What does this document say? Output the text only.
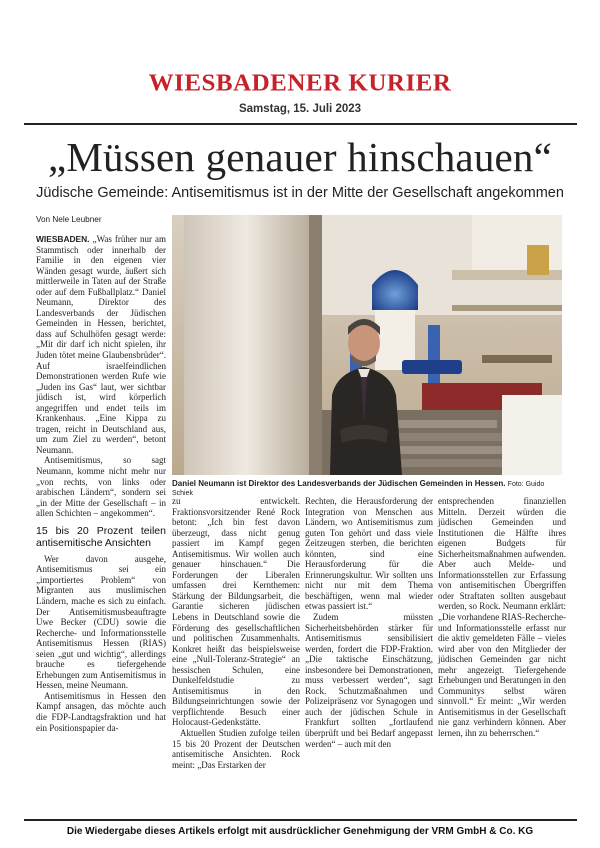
WIESBADENER KURIER
Samstag, 15. Juli 2023
„Müssen genauer hinschauen“
Jüdische Gemeinde: Antisemitismus ist in der Mitte der Gesellschaft angekommen
Von Nele Leubner

WIESBADEN. „Was früher nur am Stammtisch oder innerhalb der Familie in den eigenen vier Wänden gesagt wurde, äußert sich mittlerweile in Taten auf der Straße oder auf dem Fußballplatz.“ Daniel Neumann, Direktor des Landesverbands der Jüdischen Gemeinden in Hessen, berichtet, dass auf Schulhöfen gesagt werde: „Mit dir darf ich nicht spielen, ihr Juden tötet meine Glaubensbrüder“. Auf israelfeindlichen Demonstrationen werden Rufe wie „Juden ins Gas“ laut, wer sichtbar jüdisch ist, wird körperlich angegriffen und endet teils im Krankenhaus. „Eine Kippa zu tragen, reicht in Deutschland aus, um zum Ziel zu werden“, betont Neumann.

Antisemitismus, so sagt Neumann, komme nicht mehr nur „von rechts, von links oder arabischen Ländern“, sondern sei „in der Mitte der Gesellschaft – in allen Schichten – angekommen“.

15 bis 20 Prozent teilen antisemitische Ansichten

Wer davon ausgehe, Antisemitismus sei ein „importiertes Problem“ von Migranten aus muslimischen Ländern, mache es sich zu einfach. Der Antisemitismusbeauftragte Uwe Becker (CDU) sowie die Recherche- und Informationsstelle Antisemitismus Hessen (RIAS) seien „gut und wichtig“, allerdings brauche es tiefergehende Erhebungen zum Antisemitismus in Hessen, meine Neumann.

Antisemitismus in Hessen den Kampf ansagen, das möchte auch die FDP-Landtagsfraktion und hat ein Positionspapier da-

Daniel Neumann ist Direktor des Landesverbands der Jüdischen Gemeinden in Hessen. Foto: Guido Schiek

zu entwickelt. Fraktionsvorsitzender René Rock betont: „Ich bin fest davon überzeugt, dass nicht genug passiert im Kampf gegen Antisemitismus. Wir wollen auch genauer hinschauen.“ Die Forderungen der Liberalen umfassen drei Kernthemen: Stärkung der Bildungsarbeit, die Garantie sicheren jüdischen Lebens in Deutschland sowie die Förderung des gesellschaftlichen und politischen Zusammenhalts. Konkret heißt das beispielsweise eine „Null-Toleranz-Strategie“ an hessischen Schulen, eine Dunkelfeldstudie zu Antisemitismus in den Bildungseinrichtungen sowie der verpflichtende Besuch einer Holocaust-Gedenkstätte.

Aktuellen Studien zufolge teilen 15 bis 20 Prozent der Deutschen antisemitische Ansichten. Rock meint: „Das Erstarken der

Rechten, die Herausforderung der Integration von Menschen aus Ländern, wo Antisemitismus zum guten Ton gehört und dass viele Zeitzeugen sterben, die berichten könnten, sind eine Herausforderung für die Erinnerungskultur. Wir sollten uns nicht nur mit dem Thema beschäftigen, wenn mal wieder etwas passiert ist.“

Zudem müssten Sicherheitsbehörden stärker für Antisemitismus sensibilisiert werden, fordert die FDP-Fraktion. „Die taktische Einschätzung, insbesondere bei Demonstrationen, muss verbessert werden“, sagt Rock. Schutzmaßnahmen und Polizeipräsenz vor Synagogen und auch der jüdischen Schule in Frankfurt sollten „fortlaufend überprüft und bei Bedarf angepasst werden“ – auch mit den

entsprechenden finanziellen Mitteln. Derzeit würden die jüdischen Gemeinden und Institutionen die Hälfte ihres eigenen Budgets für Sicherheitsmaßnahmen aufwenden. Aber auch Melde- und Informationsstellen zur Erfassung von antisemitischen Übergriffen oder Straftaten sollten ausgebaut werden, so Rock. Neumann erklärt: „Die vorhandene RIAS-Recherche- und Informationsstelle erfasst nur die aktiv gemeldeten Fälle – vieles wird aber von den Mitglieder der jüdischen Gemeinden gar nicht mehr angezeigt. Tiefergehende Erhebungen und Beratungen in den Communitys selbst wären sinnvoll.“ Er meint: „Wir werden Antisemitismus in der Gesellschaft nie ganz verhindern können. Aber lernen, ihn zu beherrschen.“

Die Wiedergabe dieses Artikels erfolgt mit ausdrücklicher Genehmigung der VRM GmbH & Co. KG
